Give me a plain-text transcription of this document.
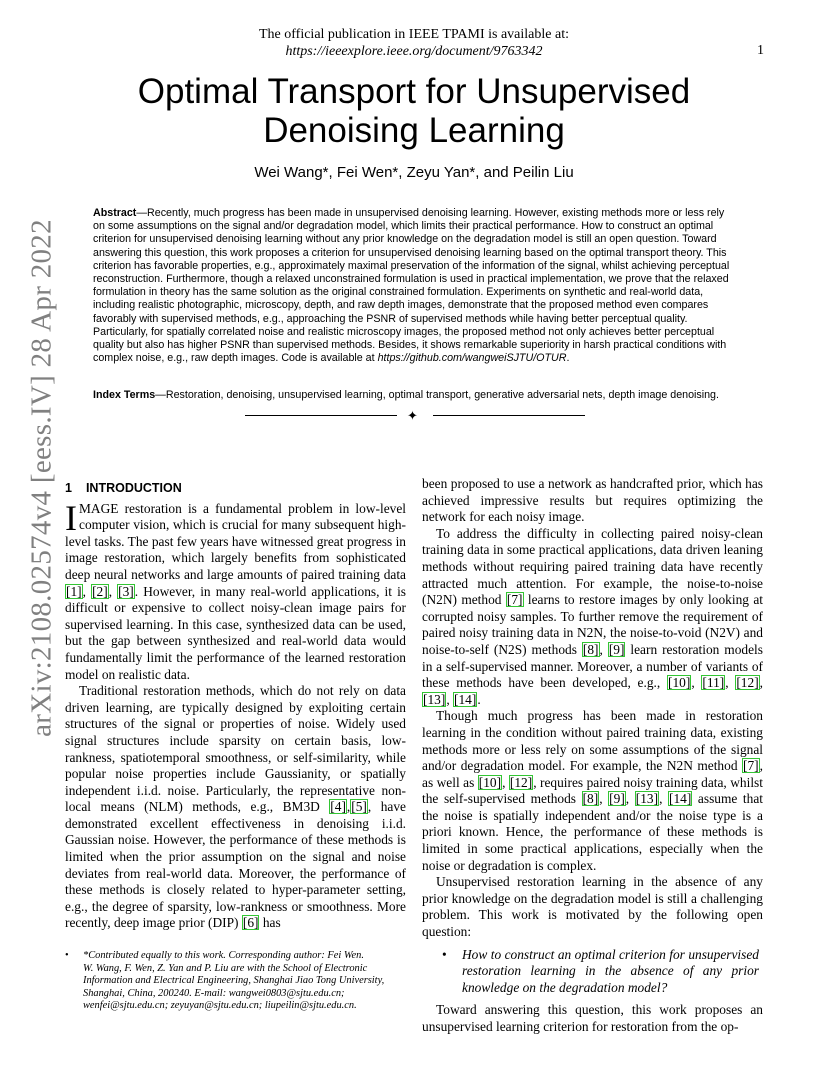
The official publication in IEEE TPAMI is available at:
https://ieeexplore.ieee.org/document/9763342	1
arXiv:2108.02574v4 [eess.IV] 28 Apr 2022
Optimal Transport for Unsupervised Denoising Learning
Wei Wang*, Fei Wen*, Zeyu Yan*, and Peilin Liu
Abstract—Recently, much progress has been made in unsupervised denoising learning. However, existing methods more or less rely on some assumptions on the signal and/or degradation model, which limits their practical performance. How to construct an optimal criterion for unsupervised denoising learning without any prior knowledge on the degradation model is still an open question. Toward answering this question, this work proposes a criterion for unsupervised denoising learning based on the optimal transport theory. This criterion has favorable properties, e.g., approximately maximal preservation of the information of the signal, whilst achieving perceptual reconstruction. Furthermore, though a relaxed unconstrained formulation is used in practical implementation, we prove that the relaxed formulation in theory has the same solution as the original constrained formulation. Experiments on synthetic and real-world data, including realistic photographic, microscopy, depth, and raw depth images, demonstrate that the proposed method even compares favorably with supervised methods, e.g., approaching the PSNR of supervised methods while having better perceptual quality. Particularly, for spatially correlated noise and realistic microscopy images, the proposed method not only achieves better perceptual quality but also has higher PSNR than supervised methods. Besides, it shows remarkable superiority in harsh practical conditions with complex noise, e.g., raw depth images. Code is available at https://github.com/wangweiSJTU/OTUR.
Index Terms—Restoration, denoising, unsupervised learning, optimal transport, generative adversarial nets, depth image denoising.
✦
1 INTRODUCTION

IMAGE restoration is a fundamental problem in low-level computer vision, which is crucial for many subsequent high-level tasks. The past few years have witnessed great progress in image restoration, which largely benefits from sophisticated deep neural networks and large amounts of paired training data [1], [2], [3]. However, in many real-world applications, it is difficult or expensive to collect noisy-clean image pairs for supervised learning. In this case, synthesized data can be used, but the gap between synthesized and real-world data would fundamentally limit the performance of the learned restoration model on realistic data.

Traditional restoration methods, which do not rely on data driven learning, are typically designed by exploiting certain structures of the signal or properties of noise. Widely used signal structures include sparsity on certain basis, low-rankness, spatiotemporal smoothness, or self-similarity, while popular noise properties include Gaussianity, or spatially independent i.i.d. noise. Particularly, the representative non-local means (NLM) methods, e.g., BM3D [4],[5], have demonstrated excellent effectiveness in denoising i.i.d. Gaussian noise. However, the performance of these methods is limited when the prior assumption on the signal and noise deviates from real-world data. Moreover, the performance of these methods is closely related to hyper-parameter setting, e.g., the degree of sparsity, low-rankness or smoothness. More recently, deep image prior (DIP) [6] has

• *Contributed equally to this work. Corresponding author: Fei Wen.
W. Wang, F. Wen, Z. Yan and P. Liu are with the School of Electronic Information and Electrical Engineering, Shanghai Jiao Tong University, Shanghai, China, 200240. E-mail: wangwei0803@sjtu.edu.cn; wenfei@sjtu.edu.cn; zeyuyan@sjtu.edu.cn; liupeilin@sjtu.edu.cn.

been proposed to use a network as handcrafted prior, which has achieved impressive results but requires optimizing the network for each noisy image.

To address the difficulty in collecting paired noisy-clean training data in some practical applications, data driven leaning methods without requiring paired training data have recently attracted much attention. For example, the noise-to-noise (N2N) method [7] learns to restore images by only looking at corrupted noisy samples. To further remove the requirement of paired noisy training data in N2N, the noise-to-void (N2V) and noise-to-self (N2S) methods [8], [9] learn restoration models in a self-supervised manner. Moreover, a number of variants of these methods have been developed, e.g., [10], [11], [12], [13], [14].

Though much progress has been made in restoration learning in the condition without paired training data, existing methods more or less rely on some assumptions of the signal and/or degradation model. For example, the N2N method [7], as well as [10], [12], requires paired noisy training data, whilst the self-supervised methods [8], [9], [13], [14] assume that the noise is spatially independent and/or the noise type is a priori known. Hence, the performance of these methods is limited in some practical applications, especially when the noise or degradation is complex.

Unsupervised restoration learning in the absence of any prior knowledge on the degradation model is still a challenging problem. This work is motivated by the following open question:

• How to construct an optimal criterion for unsupervised restoration learning in the absence of any prior knowledge on the degradation model?

Toward answering this question, this work proposes an unsupervised learning criterion for restoration from the op-
